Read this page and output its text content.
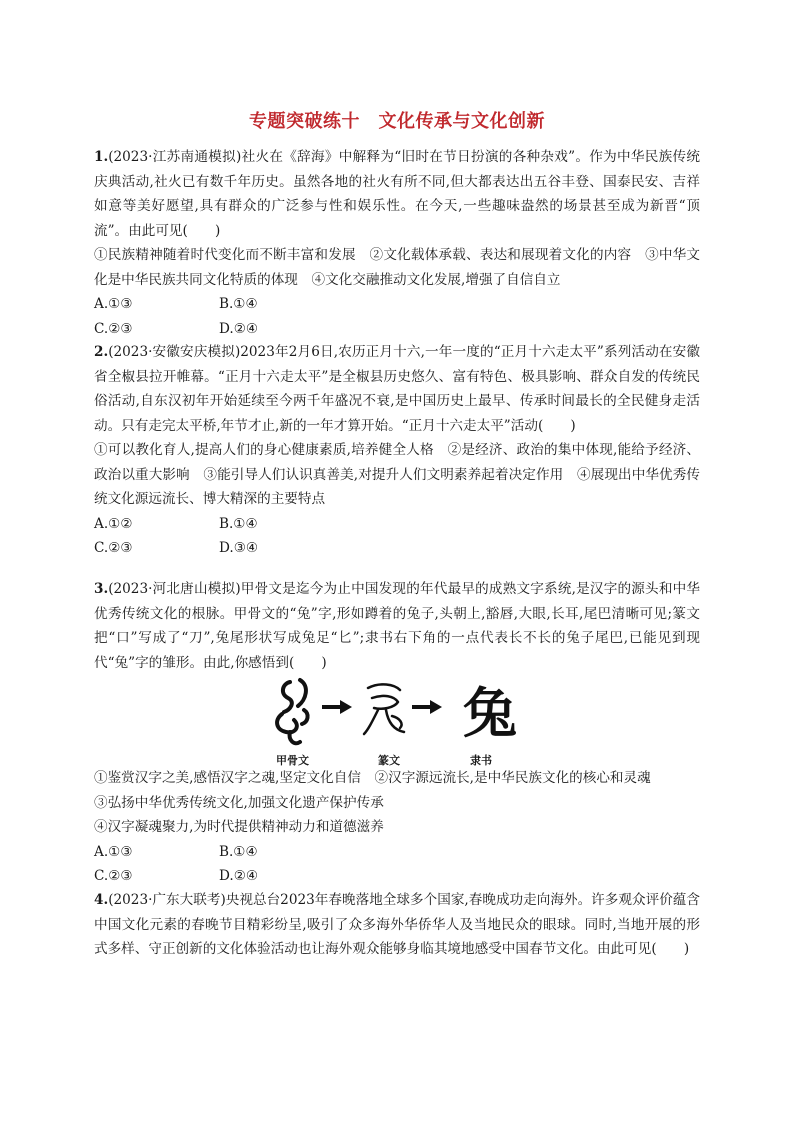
专题突破练十　文化传承与文化创新

1.(2023·江苏南通模拟)社火在《辞海》中解释为“旧时在节日扮演的各种杂戏”。作为中华民族传统庆典活动,社火已有数千年历史。虽然各地的社火有所不同,但大都表达出五谷丰登、国泰民安、吉祥如意等美好愿望,具有群众的广泛参与性和娱乐性。在今天,一些趣味盎然的场景甚至成为新晋“顶流”。由此可见(　　)

①民族精神随着时代变化而不断丰富和发展　②文化载体承载、表达和展现着文化的内容　③中华文化是中华民族共同文化特质的体现　④文化交融推动文化发展,增强了自信自立

A.①③	B.①④
C.②③	D.②④

2.(2023·安徽安庆模拟)2023年2月6日,农历正月十六,一年一度的“正月十六走太平”系列活动在安徽省全椒县拉开帷幕。“正月十六走太平”是全椒县历史悠久、富有特色、极具影响、群众自发的传统民俗活动,自东汉初年开始延续至今两千年盛况不衰,是中国历史上最早、传承时间最长的全民健身走活动。只有走完太平桥,年节才止,新的一年才算开始。“正月十六走太平”活动(　　)

①可以教化育人,提高人们的身心健康素质,培养健全人格　②是经济、政治的集中体现,能给予经济、政治以重大影响　③能引导人们认识真善美,对提升人们文明素养起着决定作用　④展现出中华优秀传统文化源远流长、博大精深的主要特点

A.①②	B.①④
C.②③	D.③④

3.(2023·河北唐山模拟)甲骨文是迄今为止中国发现的年代最早的成熟文字系统,是汉字的源头和中华优秀传统文化的根脉。甲骨文的“兔”字,形如蹲着的兔子,头朝上,豁唇,大眼,长耳,尾巴清晰可见;篆文把“口”写成了“刀”,兔尾形状写成兔足“匕”;隶书右下角的一点代表长不长的兔子尾巴,已能见到现代“兔”字的雏形。由此,你感悟到(　　)

兔
甲骨文	篆文	隶书

①鉴赏汉字之美,感悟汉字之魂,坚定文化自信　②汉字源远流长,是中华民族文化的核心和灵魂

③弘扬中华优秀传统文化,加强文化遗产保护传承

④汉字凝魂聚力,为时代提供精神动力和道德滋养

A.①③	B.①④
C.②③	D.②④

4.(2023·广东大联考)央视总台2023年春晚落地全球多个国家,春晚成功走向海外。许多观众评价蕴含中国文化元素的春晚节目精彩纷呈,吸引了众多海外华侨华人及当地民众的眼球。同时,当地开展的形式多样、守正创新的文化体验活动也让海外观众能够身临其境地感受中国春节文化。由此可见(　　)
